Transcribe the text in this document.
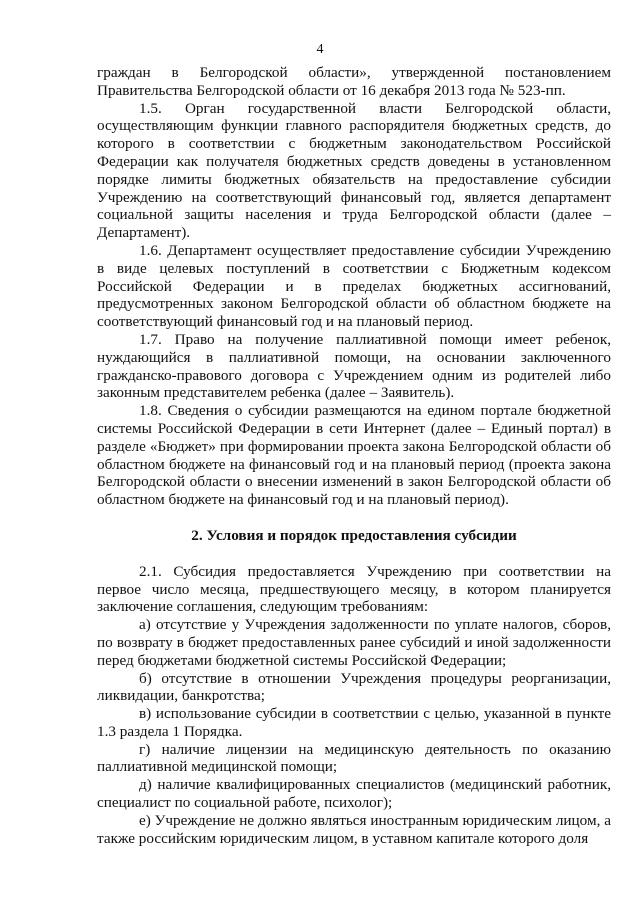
4

граждан в Белгородской области», утвержденной постановлением Правительства Белгородской области от 16 декабря 2013 года № 523-пп.

1.5. Орган государственной власти Белгородской области, осуществляющим функции главного распорядителя бюджетных средств, до которого в соответствии с бюджетным законодательством Российской Федерации как получателя бюджетных средств доведены в установленном порядке лимиты бюджетных обязательств на предоставление субсидии Учреждению на соответствующий финансовый год, является департамент социальной защиты населения и труда Белгородской области (далее – Департамент).

1.6. Департамент осуществляет предоставление субсидии Учреждению в виде целевых поступлений в соответствии с Бюджетным кодексом Российской Федерации и в пределах бюджетных ассигнований, предусмотренных законом Белгородской области об областном бюджете на соответствующий финансовый год и на плановый период.

1.7. Право на получение паллиативной помощи имеет ребенок, нуждающийся в паллиативной помощи, на основании заключенного гражданско-правового договора с Учреждением одним из родителей либо законным представителем ребенка (далее – Заявитель).

1.8. Сведения о субсидии размещаются на едином портале бюджетной системы Российской Федерации в сети Интернет (далее – Единый портал) в разделе «Бюджет» при формировании проекта закона Белгородской области об областном бюджете на финансовый год и на плановый период (проекта закона Белгородской области о внесении изменений в закон Белгородской области об областном бюджете на финансовый год и на плановый период).

2. Условия и порядок предоставления субсидии

2.1. Субсидия предоставляется Учреждению при соответствии на первое число месяца, предшествующего месяцу, в котором планируется заключение соглашения, следующим требованиям:

а) отсутствие у Учреждения задолженности по уплате налогов, сборов, по возврату в бюджет предоставленных ранее субсидий и иной задолженности перед бюджетами бюджетной системы Российской Федерации;

б) отсутствие в отношении Учреждения процедуры реорганизации, ликвидации, банкротства;

в) использование субсидии в соответствии с целью, указанной в пункте 1.3 раздела 1 Порядка.

г) наличие лицензии на медицинскую деятельность по оказанию паллиативной медицинской помощи;

д) наличие квалифицированных специалистов (медицинский работник, специалист по социальной работе, психолог);

е) Учреждение не должно являться иностранным юридическим лицом, а также российским юридическим лицом, в уставном капитале которого доля
